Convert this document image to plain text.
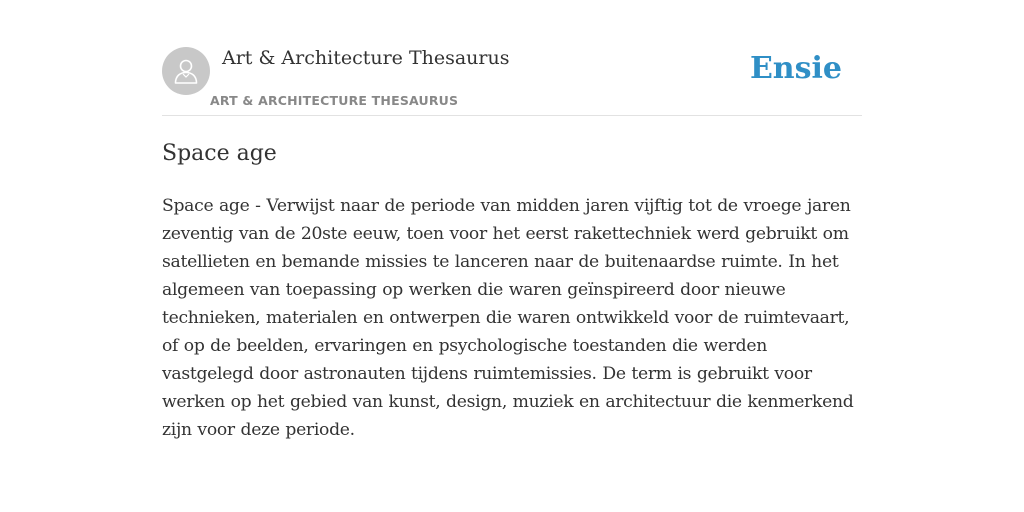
Art & Architecture Thesaurus
ART & ARCHITECTURE THESAURUS
Ensie
Space age

Space age - Verwijst naar de periode van midden jaren vijftig tot de vroege jaren zeventig van de 20ste eeuw, toen voor het eerst rakettechniek werd gebruikt om satellieten en bemande missies te lanceren naar de buitenaardse ruimte. In het algemeen van toepassing op werken die waren geïnspireerd door nieuwe technieken, materialen en ontwerpen die waren ontwikkeld voor de ruimtevaart, of op de beelden, ervaringen en psychologische toestanden die werden vastgelegd door astronauten tijdens ruimtemissies. De term is gebruikt voor werken op het gebied van kunst, design, muziek en architectuur die kenmerkend zijn voor deze periode.
